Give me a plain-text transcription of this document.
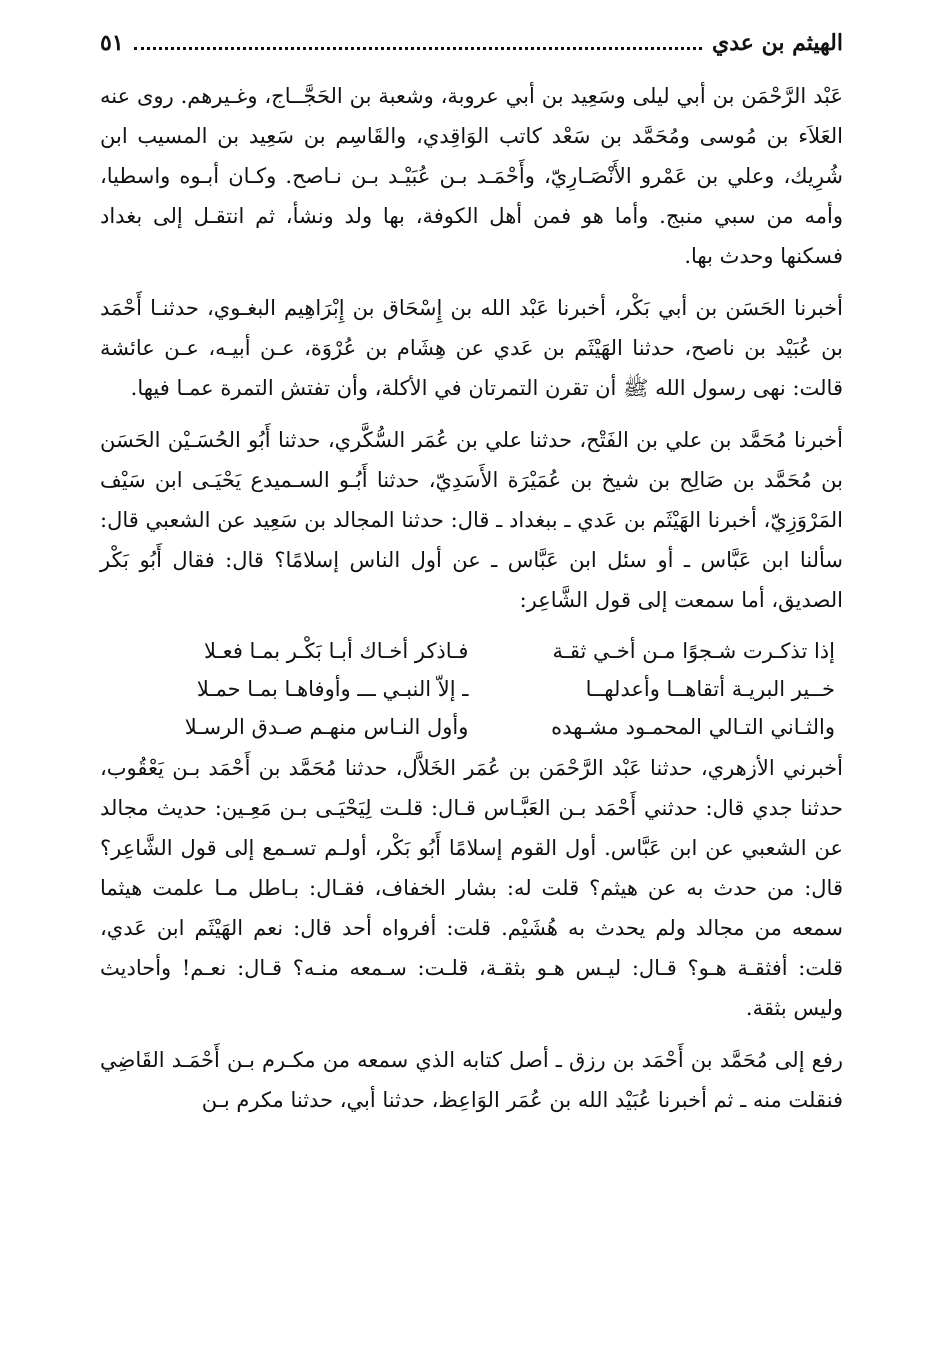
الهيثم بن عدي
٥١

عَبْد الرَّحْمَن بن أبي ليلى وسَعِيد بن أبي عروبة، وشعبة بن الحَجَّــاج، وغـيرهم. روى عنه العَلاَء بن مُوسى ومُحَمَّد بن سَعْد كاتب الوَاقِدي، والقَاسِم بن سَعِيد بن المسيب ابن شُرِيك، وعلي بن عَمْرو الأَنْصَـارِيّ، وأَحْمَـد بـن عُبَيْـد بـن نـاصح. وكـان أبـوه واسطيا، وأمه من سبي منبج. وأما هو فمن أهل الكوفة، بها ولد ونشأ، ثم انتقـل إلى بغداد فسكنها وحدث بها.

أخبرنا الحَسَن بن أبي بَكْر، أخبرنا عَبْد الله بن إِسْحَاق بن إِبْرَاهِيم البغـوي، حدثنـا أَحْمَد بن عُبَيْد بن ناصح، حدثنا الهَيْثَم بن عَدي عن هِشَام بن عُرْوَة، عـن أبيـه، عـن عائشة قالت: نهى رسول الله ﷺ أن تقرن التمرتان في الأكلة، وأن تفتش التمرة عمـا فيها.

أخبرنا مُحَمَّد بن علي بن الفَتْح، حدثنا علي بن عُمَر السُّكَّري، حدثنا أَبُو الحُسَـيْن الحَسَن بن مُحَمَّد بن صَالِح بن شيخ بن عُمَيْرَة الأَسَدِيّ، حدثنا أَبُـو السـميدع يَحْيَـى ابن سَيْف المَرْوَزِيّ، أخبرنا الهَيْثَم بن عَدي ـ ببغداد ـ قال: حدثنا المجالد بن سَعِيد عن الشعبي قال: سألنا ابن عَبَّاس ـ أو سئل ابن عَبَّاس ـ عن أول الناس إسلامًا؟ قال: فقال أَبُو بَكْر الصديق، أما سمعت إلى قول الشَّاعِر:

إذا تذكـرت شـجوًا مـن أخـي ثقـة
فـاذكر أخـاك أبـا بَكْـر بمـا فعـلا
خــير البريـة أتقاهــا وأعدلهــا
ـ إلاّ النبـي ـــ وأوفاهـا بمـا حمـلا
والثـاني التـالي المحمـود مشـهده
وأول النـاس منهـم صـدق الرسـلا

أخبرني الأزهري، حدثنا عَبْد الرَّحْمَن بن عُمَر الخَلاَّل، حدثنا مُحَمَّد بن أَحْمَد بـن يَعْقُوب، حدثنا جدي قال: حدثني أَحْمَد بـن العَبَّـاس قـال: قلـت لِيَحْيَـى بـن مَعِـين: حديث مجالد عن الشعبي عن ابن عَبَّاس. أول القوم إسلامًا أَبُو بَكْر، أولـم تسـمع إلى قول الشَّاعِر؟ قال: من حدث به عن هيثم؟ قلت له: بشار الخفاف، فقـال: بـاطل مـا علمت هيثما سمعه من مجالد ولم يحدث به هُشَيْم. قلت: أفرواه أحد قال: نعم الهَيْثَم ابن عَدي، قلت: أفثقـة هـو؟ قـال: ليـس هـو بثقـة، قلـت: سـمعه منـه؟ قـال: نعـم! وأحاديث وليس بثقة.

رفع إلى مُحَمَّد بن أَحْمَد بن رزق ـ أصل كتابه الذي سمعه من مكـرم بـن أَحْمَـد القَاضِي فنقلت منه ـ ثم أخبرنا عُبَيْد الله بن عُمَر الوَاعِظ، حدثنا أبي، حدثنا مكرم بـن
